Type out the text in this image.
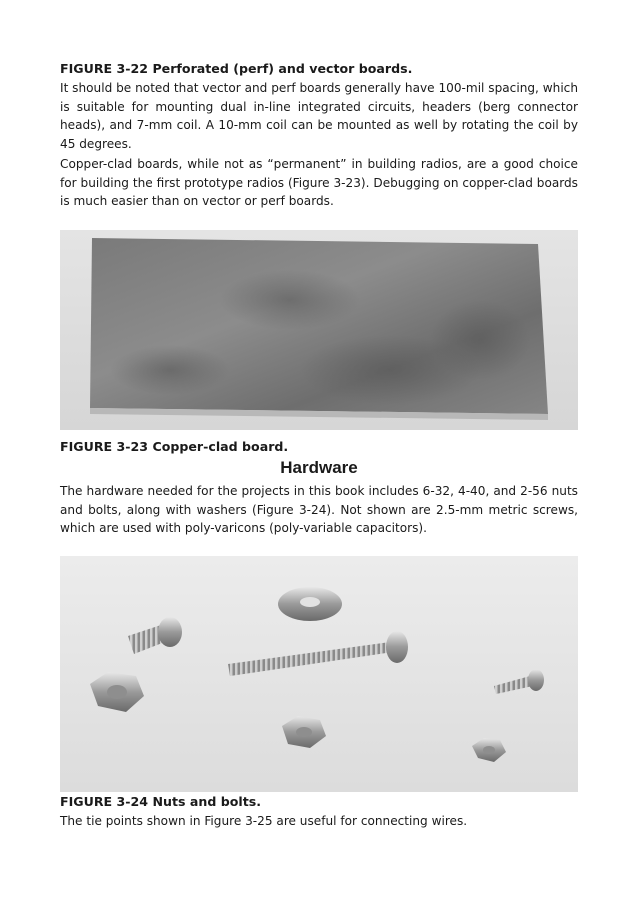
FIGURE 3-22 Perforated (perf) and vector boards.

It should be noted that vector and perf boards generally have 100-mil spacing, which is suitable for mounting dual in-line integrated circuits, headers (berg connector heads), and 7-mm coil. A 10-mm coil can be mounted as well by rotating the coil by 45 degrees.

Copper-clad boards, while not as “permanent” in building radios, are a good choice for building the first prototype radios (Figure 3-23). Debugging on copper-clad boards is much easier than on vector or perf boards.

FIGURE 3-23 Copper-clad board.

Hardware

The hardware needed for the projects in this book includes 6-32, 4-40, and 2-56 nuts and bolts, along with washers (Figure 3-24). Not shown are 2.5-mm metric screws, which are used with poly-varicons (poly-variable capacitors).

FIGURE 3-24 Nuts and bolts.

The tie points shown in Figure 3-25 are useful for connecting wires.
